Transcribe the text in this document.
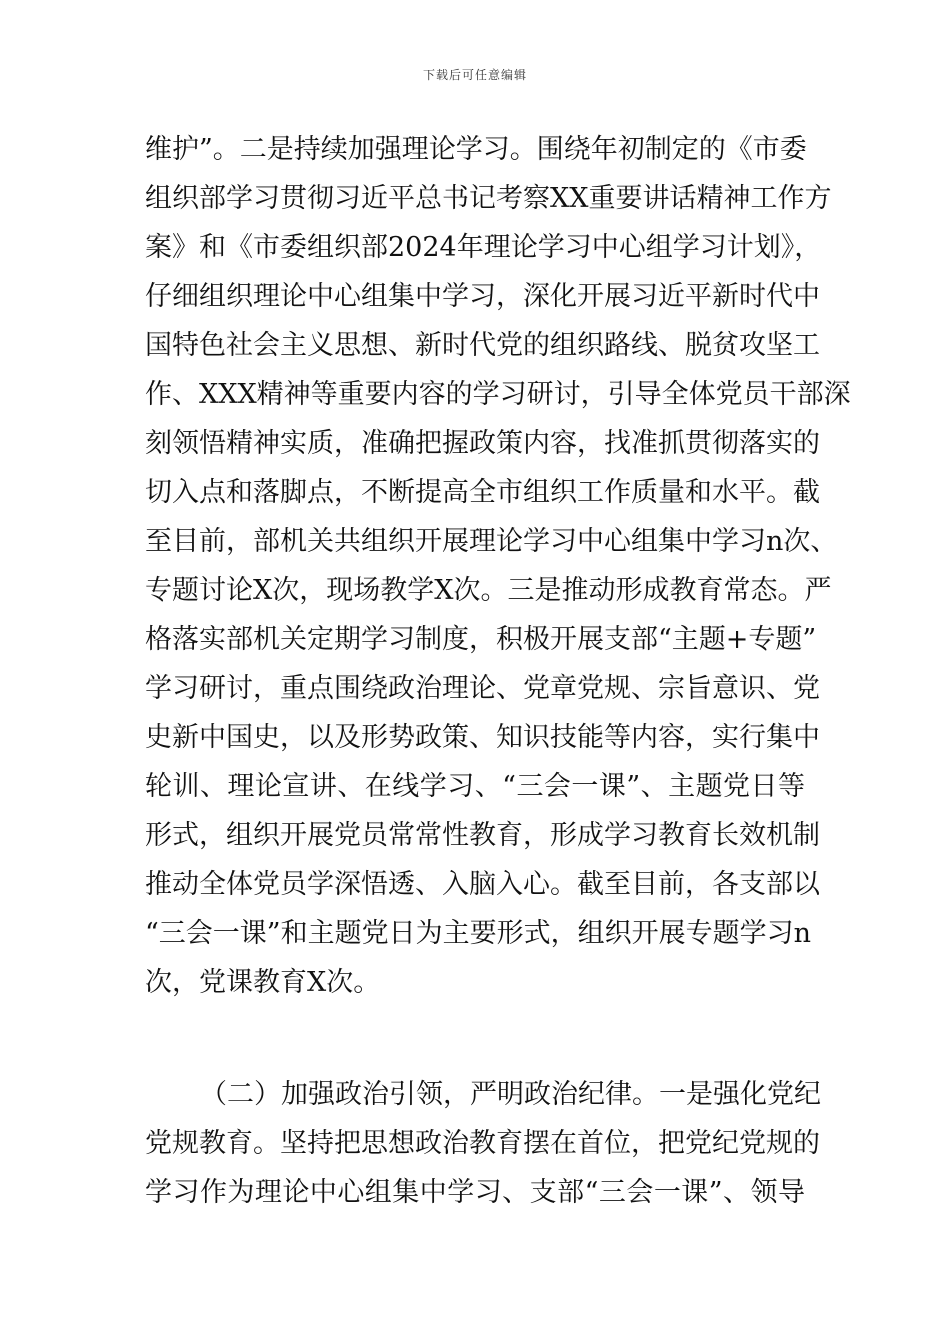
下载后可任意编辑
维护”。二是持续加强理论学习。围绕年初制定的《市委
组织部学习贯彻习近平总书记考察XX重要讲话精神工作方
案》和《市委组织部2024年理论学习中心组学习计划》，
仔细组织理论中心组集中学习，深化开展习近平新时代中
国特色社会主义思想、新时代党的组织路线、脱贫攻坚工
作、XXX精神等重要内容的学习研讨，引导全体党员干部深
刻领悟精神实质，准确把握政策内容，找准抓贯彻落实的
切入点和落脚点，不断提高全市组织工作质量和水平。截
至目前，部机关共组织开展理论学习中心组集中学习n次、
专题讨论X次，现场教学X次。三是推动形成教育常态。严
格落实部机关定期学习制度，积极开展支部“主题+专题”
学习研讨，重点围绕政治理论、党章党规、宗旨意识、党
史新中国史，以及形势政策、知识技能等内容，实行集中
轮训、理论宣讲、在线学习、“三会一课”、主题党日等
形式，组织开展党员常常性教育，形成学习教育长效机制
推动全体党员学深悟透、入脑入心。截至目前，各支部以
“三会一课”和主题党日为主要形式，组织开展专题学习n
次，党课教育X次。
（二）加强政治引领，严明政治纪律。一是强化党纪
党规教育。坚持把思想政治教育摆在首位，把党纪党规的
学习作为理论中心组集中学习、支部“三会一课”、领导
